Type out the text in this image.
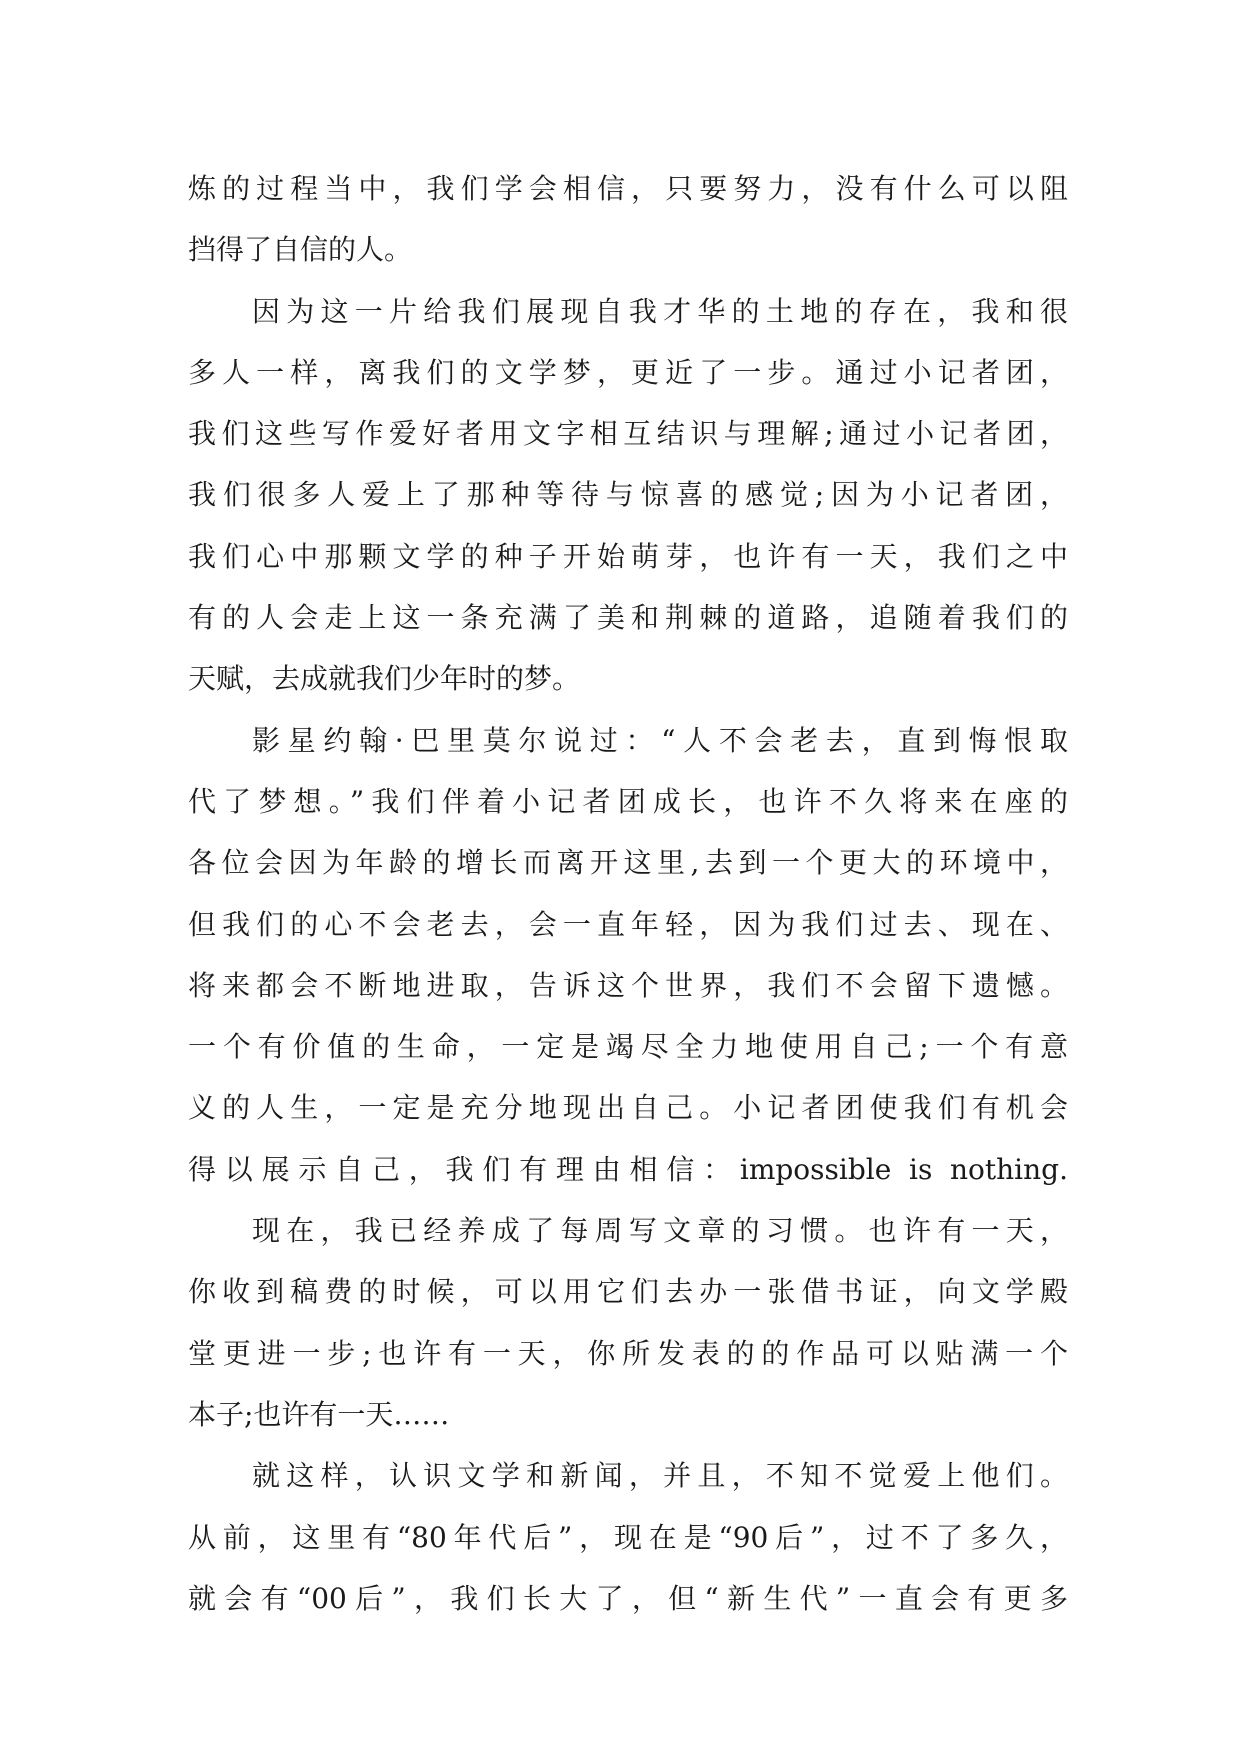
炼的过程当中，我们学会相信，只要努力，没有什么可以阻
挡得了自信的人。
因为这一片给我们展现自我才华的土地的存在，我和很
多人一样，离我们的文学梦，更近了一步。通过小记者团，
我们这些写作爱好者用文字相互结识与理解;通过小记者团，
我们很多人爱上了那种等待与惊喜的感觉;因为小记者团，
我们心中那颗文学的种子开始萌芽，也许有一天，我们之中
有的人会走上这一条充满了美和荆棘的道路，追随着我们的
天赋，去成就我们少年时的梦。
影星约翰·巴里莫尔说过：“人不会老去，直到悔恨取
代了梦想。”我们伴着小记者团成长，也许不久将来在座的
各位会因为年龄的增长而离开这里,去到一个更大的环境中，
但我们的心不会老去，会一直年轻，因为我们过去、现在、
将来都会不断地进取，告诉这个世界，我们不会留下遗憾。
一个有价值的生命，一定是竭尽全力地使用自己;一个有意
义的人生，一定是充分地现出自己。小记者团使我们有机会
得以展示自己，我们有理由相信：impossible is nothing.
现在，我已经养成了每周写文章的习惯。也许有一天，
你收到稿费的时候，可以用它们去办一张借书证，向文学殿
堂更进一步;也许有一天，你所发表的的作品可以贴满一个
本子;也许有一天……
就这样，认识文学和新闻，并且，不知不觉爱上他们。
从前，这里有“80年代后”，现在是“90后”，过不了多久，
就会有“00后”，我们长大了，但“新生代”一直会有更多
